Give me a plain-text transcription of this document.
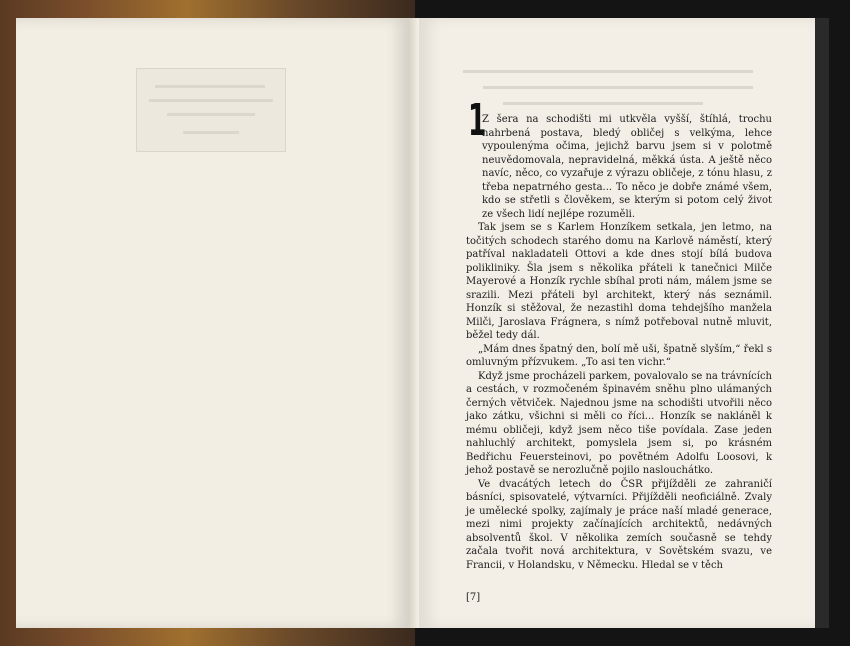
1

Z šera na schodišti mi utkvěla vyšší, štíhlá, trochu nahrbená postava, bledý obličej s velkýma, lehce vypoulenýma očima, jejichž barvu jsem si v polotmě neuvědomovala, nepravidelná, měkká ústa. A ještě něco navíc, něco, co vyzařuje z výrazu obličeje, z tónu hlasu, z třeba nepatrného gesta... To něco je dobře známé všem, kdo se střetli s člověkem, se kterým si potom celý život ze všech lidí nejlépe rozuměli.

Tak jsem se s Karlem Honzíkem setkala, jen letmo, na točitých schodech starého domu na Karlově náměstí, který patříval nakladateli Ottovi a kde dnes stojí bílá budova polikliniky. Šla jsem s několika přáteli k tanečnici Milče Mayerové a Honzík rychle sbíhal proti nám, málem jsme se srazili. Mezi přáteli byl architekt, který nás seznámil. Honzík si stěžoval, že nezastihl doma tehdejšího manžela Milči, Jaroslava Frágnera, s nímž potřeboval nutně mluvit, běžel tedy dál.

„Mám dnes špatný den, bolí mě uši, špatně slyším,“ řekl s omluvným přízvukem. „To asi ten vichr.“

Když jsme procházeli parkem, povalovalo se na trávnících a cestách, v rozmočeném špinavém sněhu plno ulámaných černých větviček. Najednou jsme na schodišti utvořili něco jako zátku, všichni si měli co říci... Honzík se nakláněl k mému obličeji, když jsem něco tiše povídala. Zase jeden nahluchlý architekt, pomyslela jsem si, po krásném Bedřichu Feuersteinovi, po povětném Adolfu Loosovi, k jehož postavě se nerozlučně pojilo naslouchátko.

Ve dvacátých letech do ČSR přijížděli ze zahraničí básníci, spisovatelé, výtvarníci. Přijížděli neoficiálně. Zvaly je umělecké spolky, zajímaly je práce naší mladé generace, mezi nimi projekty začínajících architektů, nedávných absolventů škol. V několika zemích současně se tehdy začala tvořit nová architektura, v Sovětském svazu, ve Francii, v Holandsku, v Německu. Hledal se v těch

[7]
